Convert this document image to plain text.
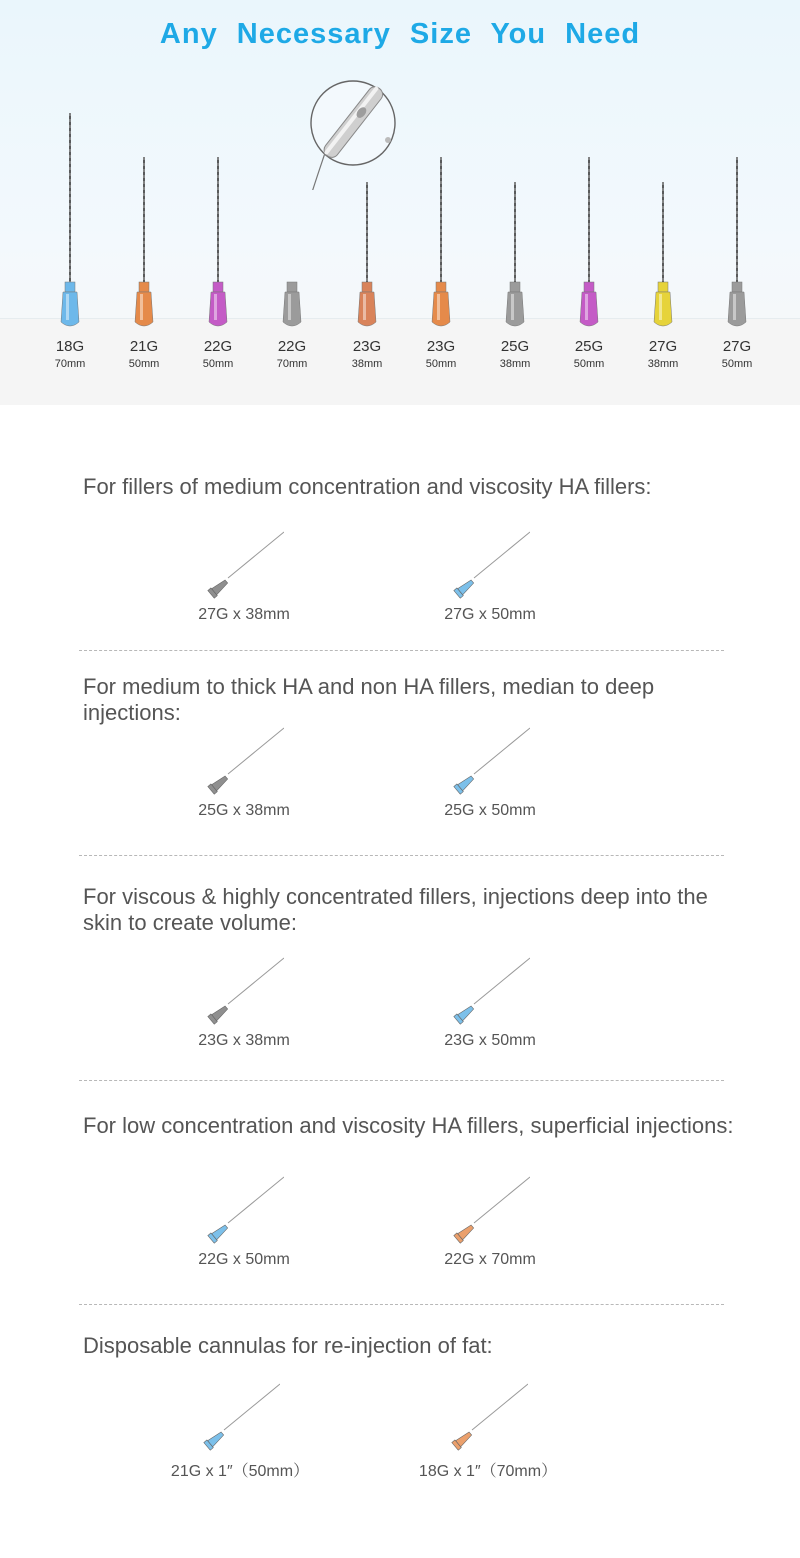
Any Necessary Size You Need
18G
70mm
21G
50mm
22G
50mm
22G
70mm
23G
38mm
23G
50mm
25G
38mm
25G
50mm
27G
38mm
27G
50mm
For fillers of medium concentration and viscosity HA fillers:
27G x 38mm	27G x 50mm
For medium to thick HA and non HA fillers, median to deep injections:
25G x 38mm	25G x 50mm
For viscous & highly concentrated fillers, injections deep into the skin to create volume:
23G x 38mm	23G x 50mm
For low concentration and viscosity HA fillers, superficial injections:
22G x 50mm	22G x 70mm
Disposable cannulas for re-injection of fat:
21G x 1″（50mm）	18G x 1″（70mm）
